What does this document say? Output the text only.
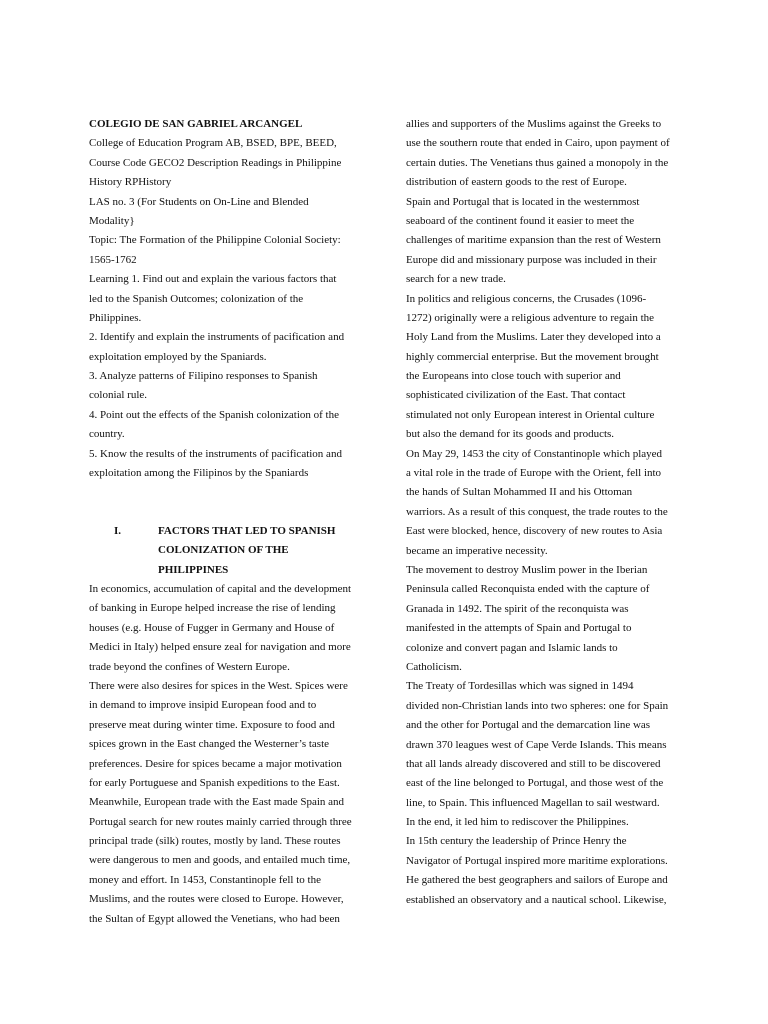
COLEGIO DE SAN GABRIEL ARCANGEL
College of Education Program AB, BSED, BPE, BEED,
Course Code GECO2 Description Readings in Philippine
History RPHistory
LAS no. 3 (For Students on On-Line and Blended
Modality}
Topic: The Formation of the Philippine Colonial Society:
1565-1762
Learning 1. Find out and explain the various factors that
led to the Spanish Outcomes; colonization of the
Philippines.
2. Identify and explain the instruments of pacification and
exploitation employed by the Spaniards.
3. Analyze patterns of Filipino responses to Spanish
colonial rule.
4. Point out the effects of the Spanish colonization of the
country.
5. Know the results of the instruments of pacification and
exploitation among the Filipinos by the Spaniards
I.	FACTORS THAT LED TO SPANISH
COLONIZATION OF THE
PHILIPPINES
In economics, accumulation of capital and the development
of banking in Europe helped increase the rise of lending
houses (e.g. House of Fugger in Germany and House of
Medici in Italy) helped ensure zeal for navigation and more
trade beyond the confines of Western Europe.
There were also desires for spices in the West. Spices were
in demand to improve insipid European food and to
preserve meat during winter time. Exposure to food and
spices grown in the East changed the Westerner’s taste
preferences. Desire for spices became a major motivation
for early Portuguese and Spanish expeditions to the East.
Meanwhile, European trade with the East made Spain and
Portugal search for new routes mainly carried through three
principal trade (silk) routes, mostly by land. These routes
were dangerous to men and goods, and entailed much time,
money and effort. In 1453, Constantinople fell to the
Muslims, and the routes were closed to Europe. However,
the Sultan of Egypt allowed the Venetians, who had been
allies and supporters of the Muslims against the Greeks to
use the southern route that ended in Cairo, upon payment of
certain duties. The Venetians thus gained a monopoly in the
distribution of eastern goods to the rest of Europe.
Spain and Portugal that is located in the westernmost
seaboard of the continent found it easier to meet the
challenges of maritime expansion than the rest of Western
Europe did and missionary purpose was included in their
search for a new trade.
In politics and religious concerns, the Crusades (1096-
1272) originally were a religious adventure to regain the
Holy Land from the Muslims. Later they developed into a
highly commercial enterprise. But the movement brought
the Europeans into close touch with superior and
sophisticated civilization of the East. That contact
stimulated not only European interest in Oriental culture
but also the demand for its goods and products.
On May 29, 1453 the city of Constantinople which played
a vital role in the trade of Europe with the Orient, fell into
the hands of Sultan Mohammed II and his Ottoman
warriors. As a result of this conquest, the trade routes to the
East were blocked, hence, discovery of new routes to Asia
became an imperative necessity.
The movement to destroy Muslim power in the Iberian
Peninsula called Reconquista ended with the capture of
Granada in 1492. The spirit of the reconquista was
manifested in the attempts of Spain and Portugal to
colonize and convert pagan and Islamic lands to
Catholicism.
The Treaty of Tordesillas which was signed in 1494
divided non-Christian lands into two spheres: one for Spain
and the other for Portugal and the demarcation line was
drawn 370 leagues west of Cape Verde Islands. This means
that all lands already discovered and still to be discovered
east of the line belonged to Portugal, and those west of the
line, to Spain. This influenced Magellan to sail westward.
In the end, it led him to rediscover the Philippines.
In 15th century the leadership of Prince Henry the
Navigator of Portugal inspired more maritime explorations.
He gathered the best geographers and sailors of Europe and
established an observatory and a nautical school. Likewise,
